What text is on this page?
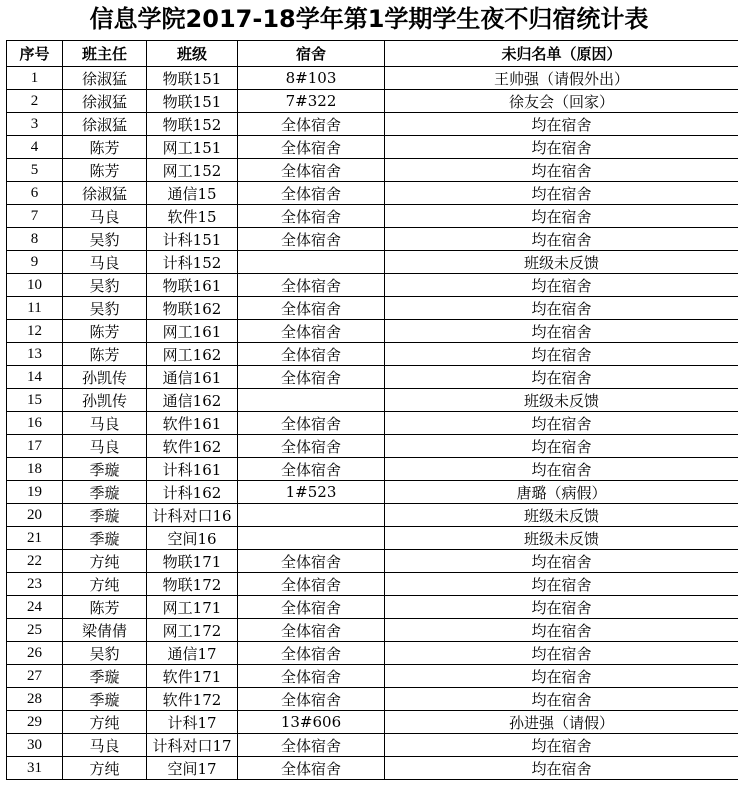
信息学院2017-18学年第1学期学生夜不归宿统计表
序号	班主任	班级	宿舍	未归名单（原因）
1	徐淑猛	物联151	8#103	王帅强（请假外出）
2	徐淑猛	物联151	7#322	徐友会（回家）
3	徐淑猛	物联152	全体宿舍	均在宿舍
4	陈芳	网工151	全体宿舍	均在宿舍
5	陈芳	网工152	全体宿舍	均在宿舍
6	徐淑猛	通信15	全体宿舍	均在宿舍
7	马良	软件15	全体宿舍	均在宿舍
8	吴豹	计科151	全体宿舍	均在宿舍
9	马良	计科152		班级未反馈
10	吴豹	物联161	全体宿舍	均在宿舍
11	吴豹	物联162	全体宿舍	均在宿舍
12	陈芳	网工161	全体宿舍	均在宿舍
13	陈芳	网工162	全体宿舍	均在宿舍
14	孙凯传	通信161	全体宿舍	均在宿舍
15	孙凯传	通信162		班级未反馈
16	马良	软件161	全体宿舍	均在宿舍
17	马良	软件162	全体宿舍	均在宿舍
18	季璇	计科161	全体宿舍	均在宿舍
19	季璇	计科162	1#523	唐璐（病假）
20	季璇	计科对口16		班级未反馈
21	季璇	空间16		班级未反馈
22	方纯	物联171	全体宿舍	均在宿舍
23	方纯	物联172	全体宿舍	均在宿舍
24	陈芳	网工171	全体宿舍	均在宿舍
25	梁倩倩	网工172	全体宿舍	均在宿舍
26	吴豹	通信17	全体宿舍	均在宿舍
27	季璇	软件171	全体宿舍	均在宿舍
28	季璇	软件172	全体宿舍	均在宿舍
29	方纯	计科17	13#606	孙进强（请假）
30	马良	计科对口17	全体宿舍	均在宿舍
31	方纯	空间17	全体宿舍	均在宿舍
